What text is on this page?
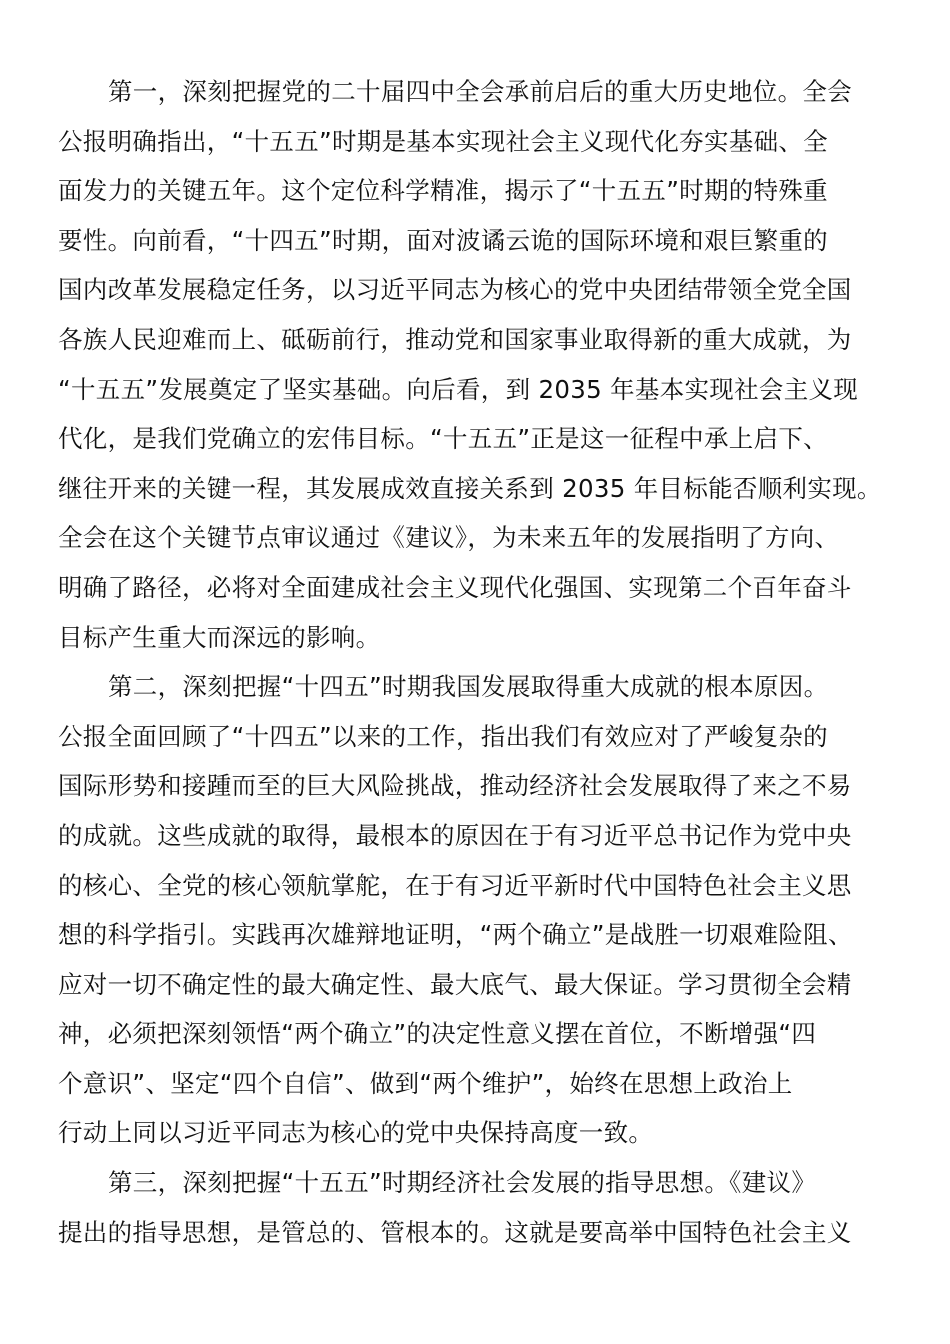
第一，深刻把握党的二十届四中全会承前启后的重大历史地位。全会
公报明确指出，“十五五”时期是基本实现社会主义现代化夯实基础、全
面发力的关键五年。这个定位科学精准，揭示了“十五五”时期的特殊重
要性。向前看，“十四五”时期，面对波谲云诡的国际环境和艰巨繁重的
国内改革发展稳定任务，以习近平同志为核心的党中央团结带领全党全国
各族人民迎难而上、砥砺前行，推动党和国家事业取得新的重大成就，为
“十五五”发展奠定了坚实基础。向后看，到 2035 年基本实现社会主义现
代化，是我们党确立的宏伟目标。“十五五”正是这一征程中承上启下、
继往开来的关键一程，其发展成效直接关系到 2035 年目标能否顺利实现。
全会在这个关键节点审议通过《建议》，为未来五年的发展指明了方向、
明确了路径，必将对全面建成社会主义现代化强国、实现第二个百年奋斗
目标产生重大而深远的影响。
第二，深刻把握“十四五”时期我国发展取得重大成就的根本原因。
公报全面回顾了“十四五”以来的工作，指出我们有效应对了严峻复杂的
国际形势和接踵而至的巨大风险挑战，推动经济社会发展取得了来之不易
的成就。这些成就的取得，最根本的原因在于有习近平总书记作为党中央
的核心、全党的核心领航掌舵，在于有习近平新时代中国特色社会主义思
想的科学指引。实践再次雄辩地证明，“两个确立”是战胜一切艰难险阻、
应对一切不确定性的最大确定性、最大底气、最大保证。学习贯彻全会精
神，必须把深刻领悟“两个确立”的决定性意义摆在首位，不断增强“四
个意识”、坚定“四个自信”、做到“两个维护”，始终在思想上政治上
行动上同以习近平同志为核心的党中央保持高度一致。
第三，深刻把握“十五五”时期经济社会发展的指导思想。《建议》
提出的指导思想，是管总的、管根本的。这就是要高举中国特色社会主义
